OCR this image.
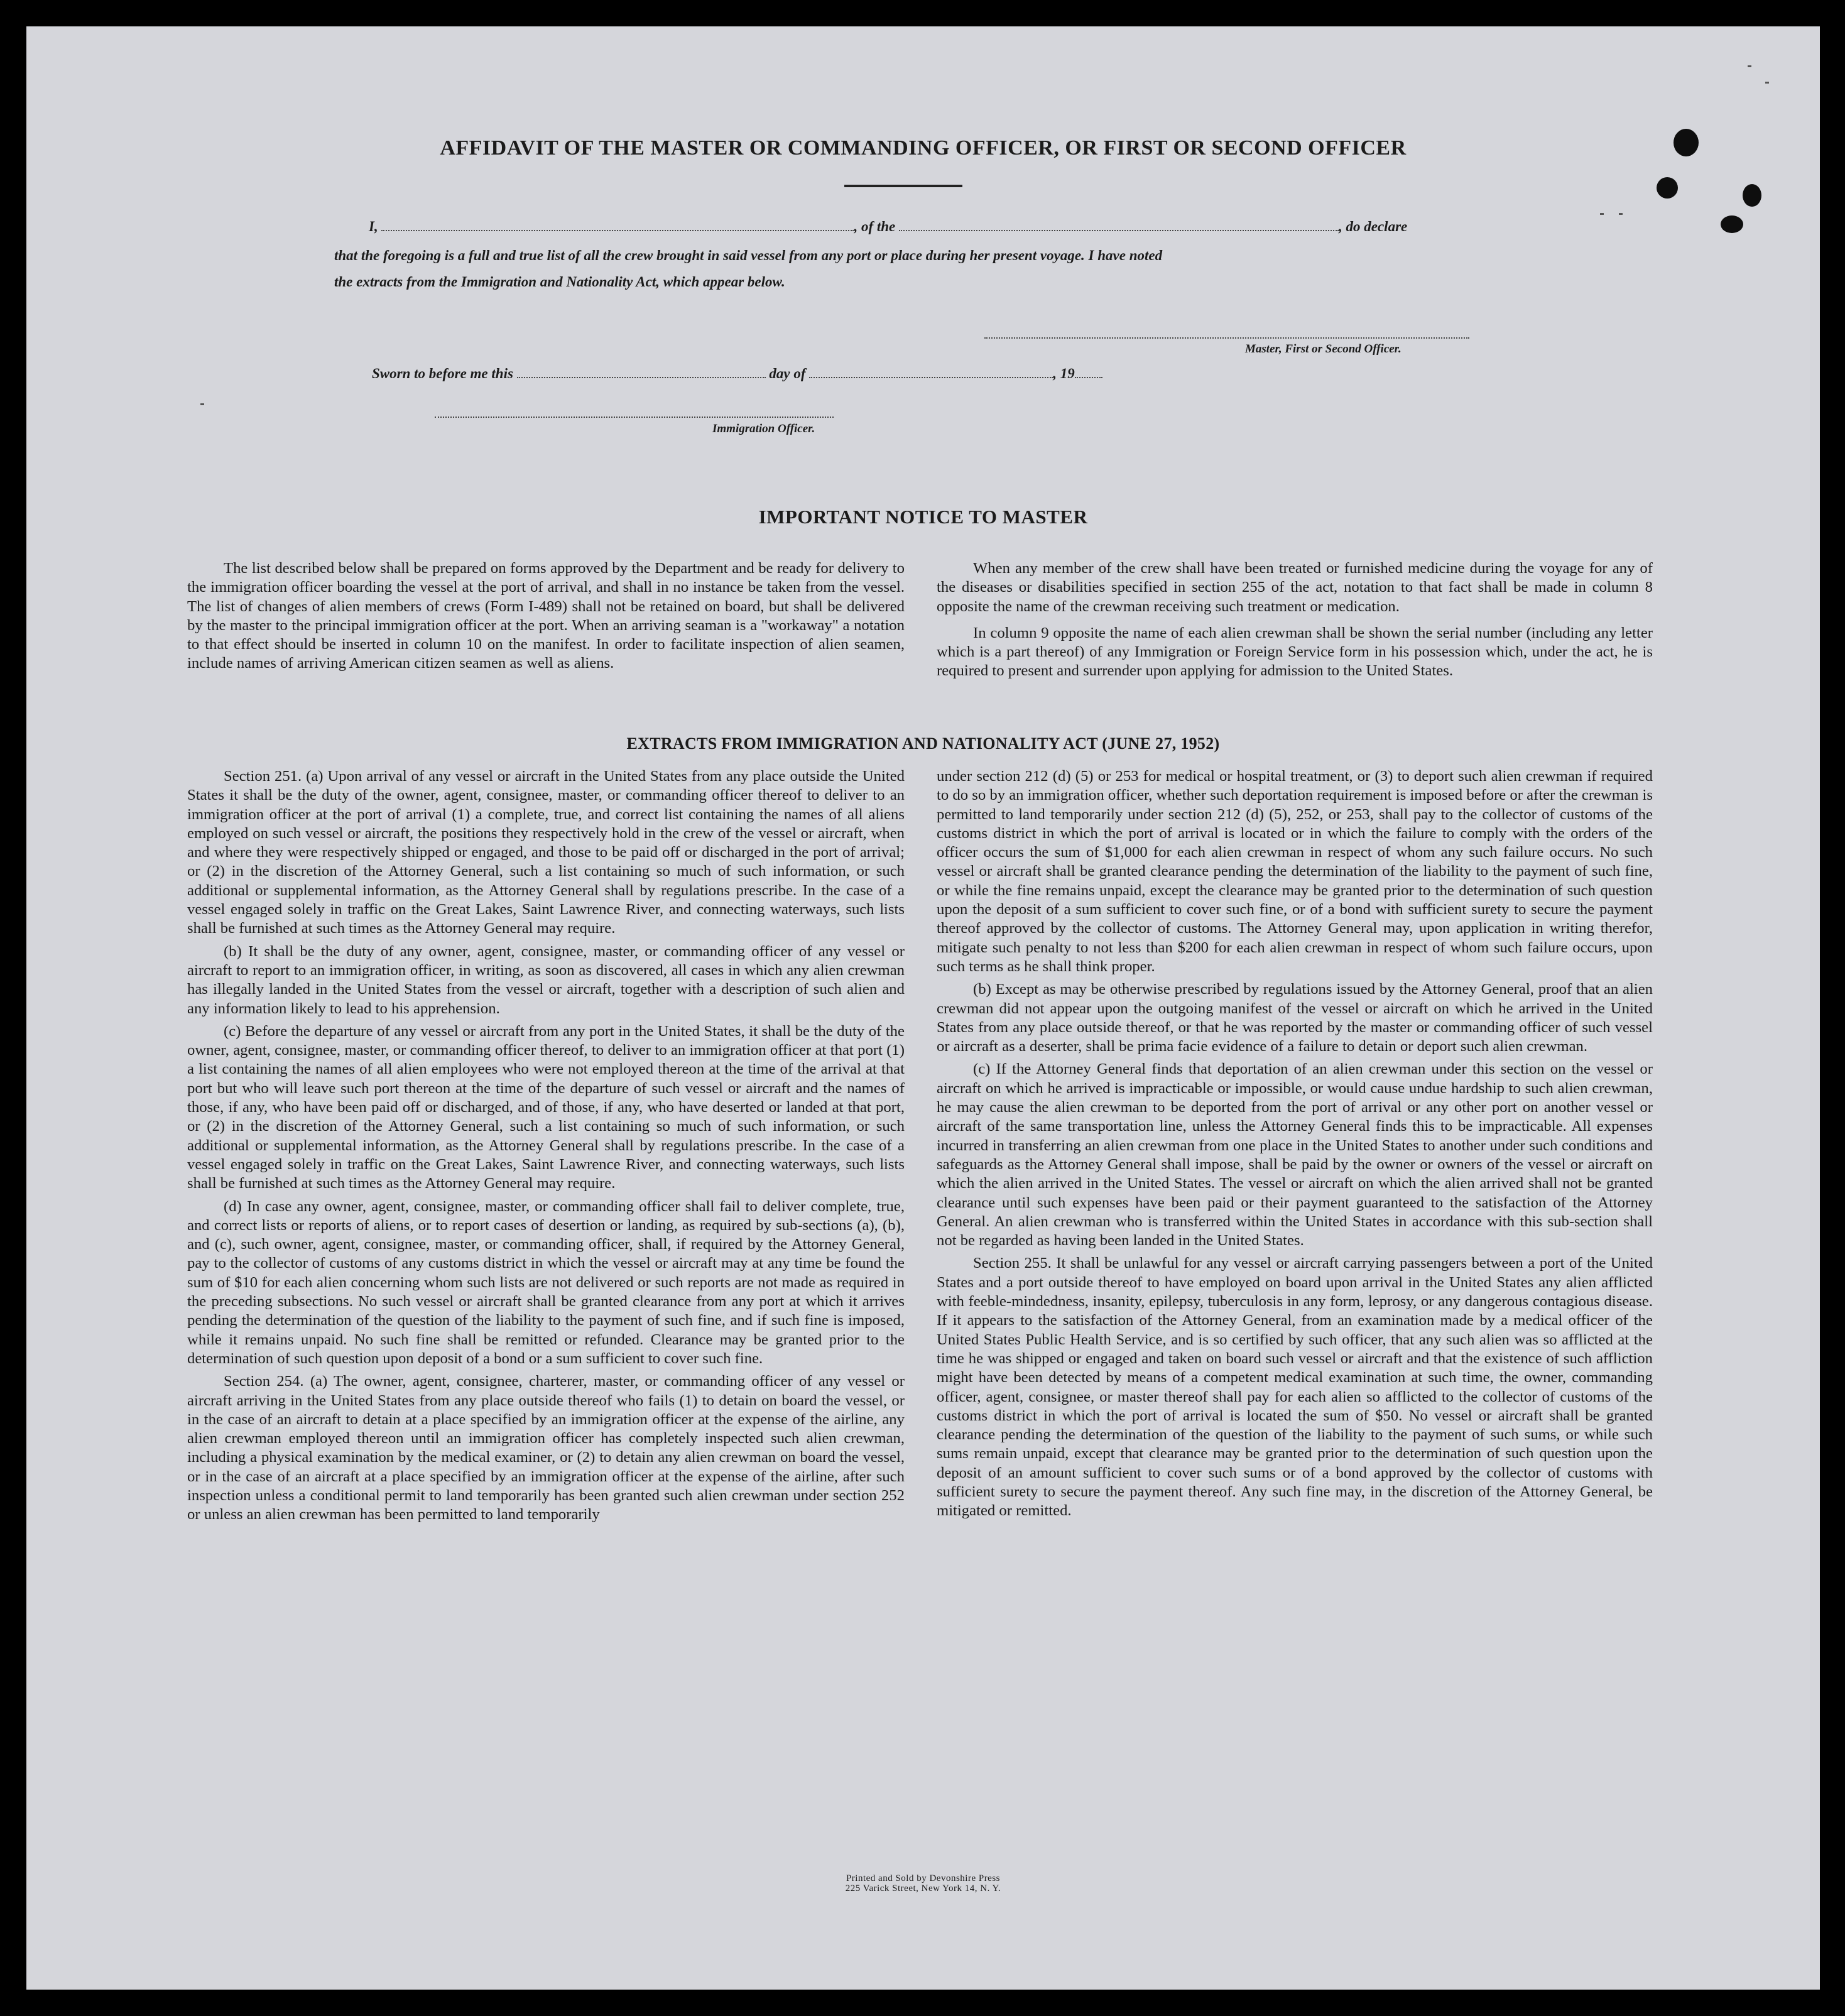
AFFIDAVIT OF THE MASTER OR COMMANDING OFFICER, OR FIRST OR SECOND OFFICER
I,	, of the	, do declare
that the foregoing is a full and true list of all the crew brought in said vessel from any port or place during her present voyage. I have noted
the extracts from the Immigration and Nationality Act, which appear below.
Master, First or Second Officer.
Sworn to before me this	day of	, 19
Immigration Officer.
IMPORTANT NOTICE TO MASTER

The list described below shall be prepared on forms approved by the Department and be ready for delivery to the immigration officer boarding the vessel at the port of arrival, and shall in no instance be taken from the vessel. The list of changes of alien members of crews (Form I-489) shall not be retained on board, but shall be delivered by the master to the principal immigration officer at the port. When an arriving seaman is a "workaway" a notation to that effect should be inserted in column 10 on the manifest. In order to facilitate inspection of alien seamen, include names of arriving American citizen seamen as well as aliens.

When any member of the crew shall have been treated or furnished medicine during the voyage for any of the diseases or disabilities specified in section 255 of the act, notation to that fact shall be made in column 8 opposite the name of the crewman receiving such treatment or medication.

In column 9 opposite the name of each alien crewman shall be shown the serial number (including any letter which is a part thereof) of any Immigration or Foreign Service form in his possession which, under the act, he is required to present and surrender upon applying for admission to the United States.

EXTRACTS FROM IMMIGRATION AND NATIONALITY ACT (JUNE 27, 1952)

Section 251. (a) Upon arrival of any vessel or aircraft in the United States from any place outside the United States it shall be the duty of the owner, agent, consignee, master, or commanding officer thereof to deliver to an immigration officer at the port of arrival (1) a complete, true, and correct list containing the names of all aliens employed on such vessel or aircraft, the positions they respectively hold in the crew of the vessel or aircraft, when and where they were respectively shipped or engaged, and those to be paid off or discharged in the port of arrival; or (2) in the discretion of the Attorney General, such a list containing so much of such information, or such additional or supplemental information, as the Attorney General shall by regulations prescribe. In the case of a vessel engaged solely in traffic on the Great Lakes, Saint Lawrence River, and connecting waterways, such lists shall be furnished at such times as the Attorney General may require.

(b) It shall be the duty of any owner, agent, consignee, master, or commanding officer of any vessel or aircraft to report to an immigration officer, in writing, as soon as discovered, all cases in which any alien crewman has illegally landed in the United States from the vessel or aircraft, together with a description of such alien and any information likely to lead to his apprehension.

(c) Before the departure of any vessel or aircraft from any port in the United States, it shall be the duty of the owner, agent, consignee, master, or commanding officer thereof, to deliver to an immigration officer at that port (1) a list containing the names of all alien employees who were not employed thereon at the time of the arrival at that port but who will leave such port thereon at the time of the departure of such vessel or aircraft and the names of those, if any, who have been paid off or discharged, and of those, if any, who have deserted or landed at that port, or (2) in the discretion of the Attorney General, such a list containing so much of such information, or such additional or supplemental information, as the Attorney General shall by regulations prescribe. In the case of a vessel engaged solely in traffic on the Great Lakes, Saint Lawrence River, and connecting waterways, such lists shall be furnished at such times as the Attorney General may require.

(d) In case any owner, agent, consignee, master, or commanding officer shall fail to deliver complete, true, and correct lists or reports of aliens, or to report cases of desertion or landing, as required by sub-sections (a), (b), and (c), such owner, agent, consignee, master, or commanding officer, shall, if required by the Attorney General, pay to the collector of customs of any customs district in which the vessel or aircraft may at any time be found the sum of $10 for each alien concerning whom such lists are not delivered or such reports are not made as required in the preceding subsections. No such vessel or aircraft shall be granted clearance from any port at which it arrives pending the determination of the question of the liability to the payment of such fine, and if such fine is imposed, while it remains unpaid. No such fine shall be remitted or refunded. Clearance may be granted prior to the determination of such question upon deposit of a bond or a sum sufficient to cover such fine.

Section 254. (a) The owner, agent, consignee, charterer, master, or commanding officer of any vessel or aircraft arriving in the United States from any place outside thereof who fails (1) to detain on board the vessel, or in the case of an aircraft to detain at a place specified by an immigration officer at the expense of the airline, any alien crewman employed thereon until an immigration officer has completely inspected such alien crewman, including a physical examination by the medical examiner, or (2) to detain any alien crewman on board the vessel, or in the case of an aircraft at a place specified by an immigration officer at the expense of the airline, after such inspection unless a conditional permit to land temporarily has been granted such alien crewman under section 252 or unless an alien crewman has been permitted to land temporarily

under section 212 (d) (5) or 253 for medical or hospital treatment, or (3) to deport such alien crewman if required to do so by an immigration officer, whether such deportation requirement is imposed before or after the crewman is permitted to land temporarily under section 212 (d) (5), 252, or 253, shall pay to the collector of customs of the customs district in which the port of arrival is located or in which the failure to comply with the orders of the officer occurs the sum of $1,000 for each alien crewman in respect of whom any such failure occurs. No such vessel or aircraft shall be granted clearance pending the determination of the liability to the payment of such fine, or while the fine remains unpaid, except the clearance may be granted prior to the determination of such question upon the deposit of a sum sufficient to cover such fine, or of a bond with sufficient surety to secure the payment thereof approved by the collector of customs. The Attorney General may, upon application in writing therefor, mitigate such penalty to not less than $200 for each alien crewman in respect of whom such failure occurs, upon such terms as he shall think proper.

(b) Except as may be otherwise prescribed by regulations issued by the Attorney General, proof that an alien crewman did not appear upon the outgoing manifest of the vessel or aircraft on which he arrived in the United States from any place outside thereof, or that he was reported by the master or commanding officer of such vessel or aircraft as a deserter, shall be prima facie evidence of a failure to detain or deport such alien crewman.

(c) If the Attorney General finds that deportation of an alien crewman under this section on the vessel or aircraft on which he arrived is impracticable or impossible, or would cause undue hardship to such alien crewman, he may cause the alien crewman to be deported from the port of arrival or any other port on another vessel or aircraft of the same transportation line, unless the Attorney General finds this to be impracticable. All expenses incurred in transferring an alien crewman from one place in the United States to another under such conditions and safeguards as the Attorney General shall impose, shall be paid by the owner or owners of the vessel or aircraft on which the alien arrived in the United States. The vessel or aircraft on which the alien arrived shall not be granted clearance until such expenses have been paid or their payment guaranteed to the satisfaction of the Attorney General. An alien crewman who is transferred within the United States in accordance with this sub-section shall not be regarded as having been landed in the United States.

Section 255. It shall be unlawful for any vessel or aircraft carrying passengers between a port of the United States and a port outside thereof to have employed on board upon arrival in the United States any alien afflicted with feeble-mindedness, insanity, epilepsy, tuberculosis in any form, leprosy, or any dangerous contagious disease. If it appears to the satisfaction of the Attorney General, from an examination made by a medical officer of the United States Public Health Service, and is so certified by such officer, that any such alien was so afflicted at the time he was shipped or engaged and taken on board such vessel or aircraft and that the existence of such affliction might have been detected by means of a competent medical examination at such time, the owner, commanding officer, agent, consignee, or master thereof shall pay for each alien so afflicted to the collector of customs of the customs district in which the port of arrival is located the sum of $50. No vessel or aircraft shall be granted clearance pending the determination of the question of the liability to the payment of such sums, or while such sums remain unpaid, except that clearance may be granted prior to the determination of such question upon the deposit of an amount sufficient to cover such sums or of a bond approved by the collector of customs with sufficient surety to secure the payment thereof. Any such fine may, in the discretion of the Attorney General, be mitigated or remitted.

Printed and Sold by Devonshire Press
225 Varick Street, New York 14, N. Y.
